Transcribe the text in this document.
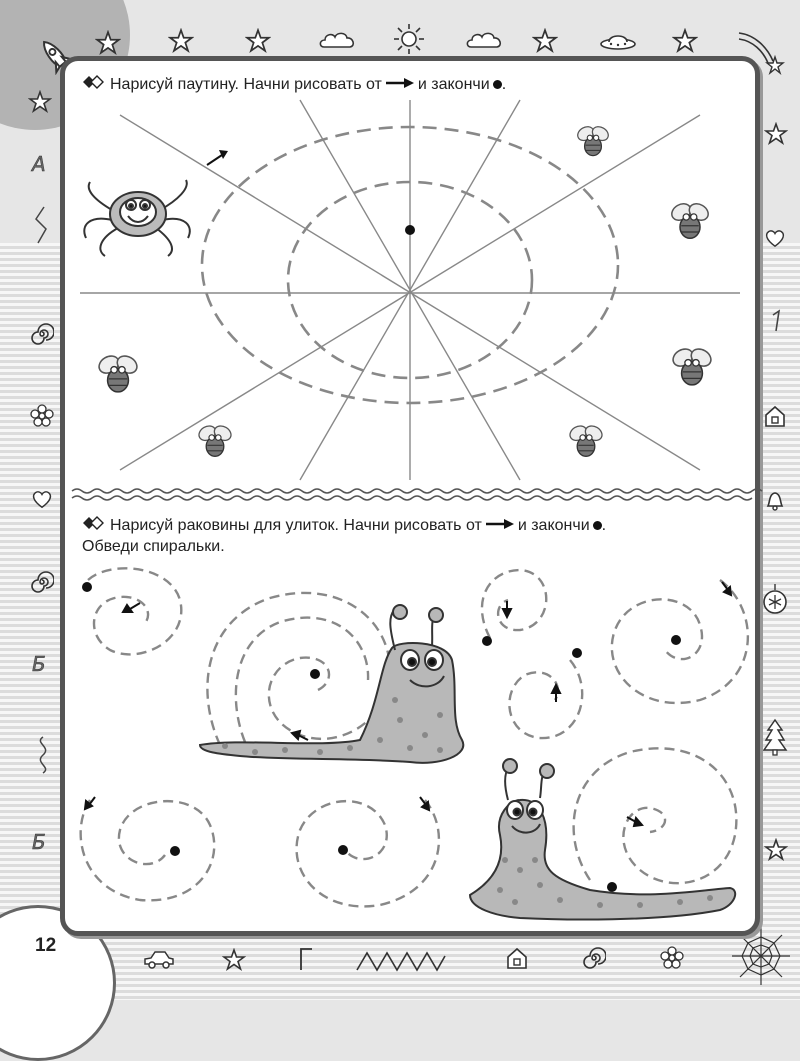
12
А
Б
Б
Нарисуй паутину. Начни рисовать от и закончи .
Нарисуй раковины для улиток. Начни рисовать от и закончи .
Обведи спиральки.
